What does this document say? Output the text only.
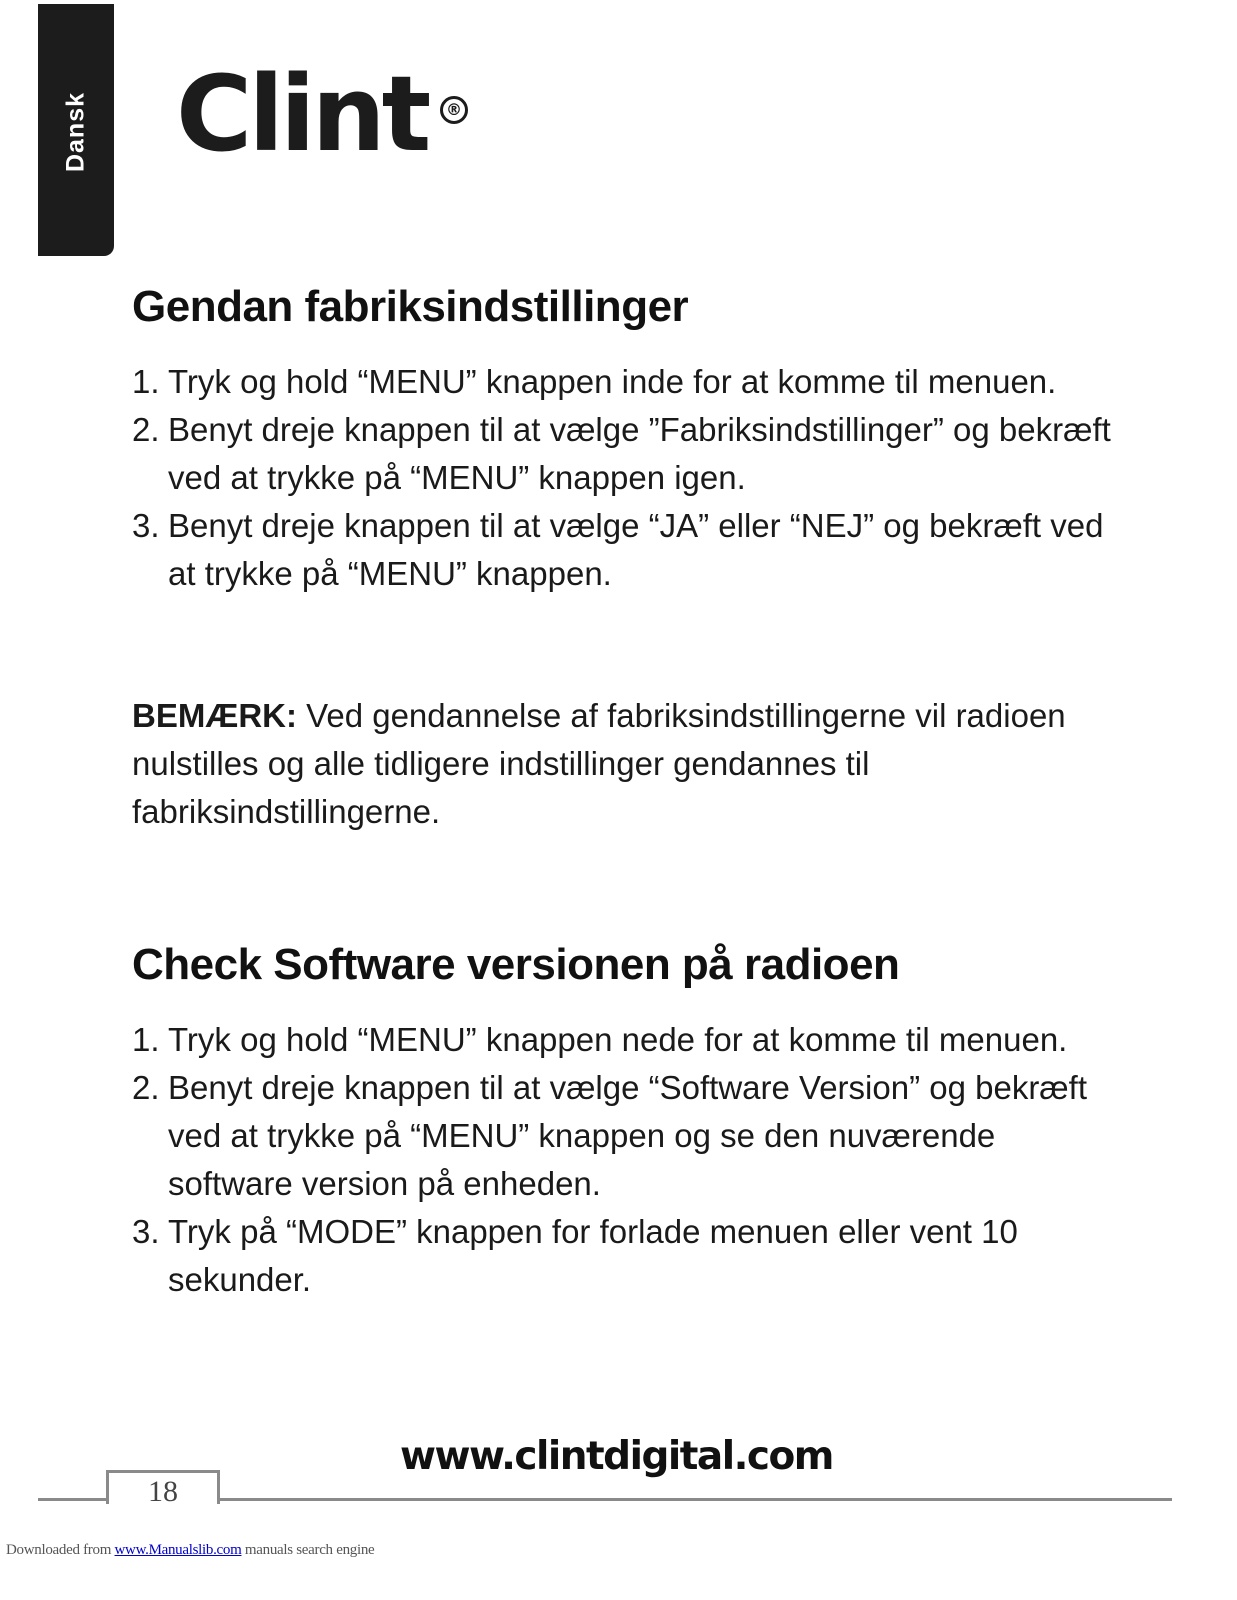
Dansk Clint	®
Gendan fabriksindstillinger
1. Tryk og hold “MENU” knappen inde for at komme til menuen.
2. Benyt dreje knappen til at vælge ”Fabriksindstillinger” og bekræft ved at trykke på “MENU” knappen igen.
3. Benyt dreje knappen til at vælge “JA” eller “NEJ” og bekræft ved at trykke på “MENU” knappen.

BEMÆRK: Ved gendannelse af fabriksindstillingerne vil radioen nulstilles og alle tidligere indstillinger gendannes til fabriksindstillingerne.

Check Software versionen på radioen
1. Tryk og hold “MENU” knappen nede for at komme til menuen.
2. Benyt dreje knappen til at vælge “Software Version” og bekræft ved at trykke på “MENU” knappen og se den nuværende software version på enheden.
3. Tryk på “MODE” knappen for forlade menuen eller vent 10 sekunder.
www.clintdigital.com
18
Downloaded from www.Manualslib.com manuals search engine
